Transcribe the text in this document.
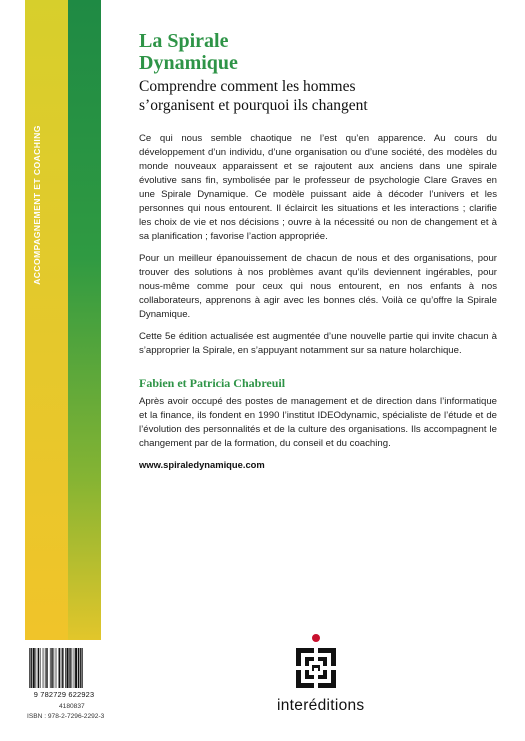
ACCOMPAGNEMENT ET COACHING
La Spirale
Dynamique
Comprendre comment les hommes
s’organisent et pourquoi ils changent

Ce qui nous semble chaotique ne l’est qu’en apparence. Au cours du développement d’un individu, d’une organisation ou d’une société, des modèles du monde nouveaux apparaissent et se rajoutent aux anciens dans une spirale évolutive sans fin, symbolisée par le professeur de psychologie Clare Graves en une Spirale Dynamique. Ce modèle puissant aide à décoder l’univers et les personnes qui nous entourent. Il éclaircit les situations et les interactions ; clarifie les choix de vie et nos décisions ; ouvre à la nécessité ou non de changement et à sa planification ; favorise l’action appropriée.

Pour un meilleur épanouissement de chacun de nous et des organisations, pour trouver des solutions à nos problèmes avant qu’ils deviennent ingérables, pour nous-même comme pour ceux qui nous entourent, en nos enfants à nos collaborateurs, apprenons à agir avec les bonnes clés. Voilà ce qu’offre la Spirale Dynamique.

Cette 5e édition actualisée est augmentée d’une nouvelle partie qui invite chacun à s’approprier la Spirale, en s’appuyant notamment sur sa nature holarchique.

Fabien et Patricia Chabreuil

Après avoir occupé des postes de management et de direction dans l’informatique et la finance, ils fondent en 1990 l’institut IDEOdynamic, spécialiste de l’étude et de l’évolution des personnalités et de la culture des organisations. Ils accompagnent le changement par de la formation, du conseil et du coaching.

www.spiraledynamique.com
9 782729 622923
4180837
ISBN : 978-2-7296-2292-3
interéditions
